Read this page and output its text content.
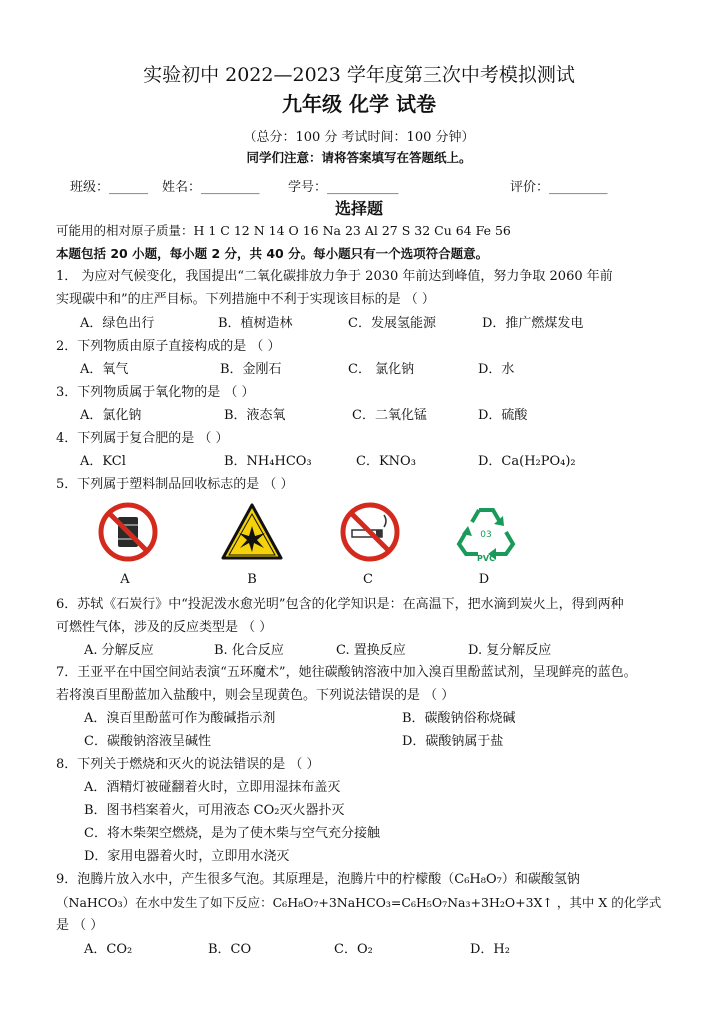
实验初中 2022—2023 学年度第三次中考模拟测试
九年级 化学 试卷
（总分：100 分 考试时间：100 分钟）
同学们注意：请将答案填写在答题纸上。
班级：______ 姓名：_________ 学号：___________	评价：_________
选择题
可能用的相对原子质量：H 1 C 12 N 14 O 16 Na 23 Al 27 S 32 Cu 64 Fe 56
本题包括 20 小题，每小题 2 分，共 40 分。每小题只有一个选项符合题意。
1． 为应对气候变化，我国提出“二氧化碳排放力争于 2030 年前达到峰值，努力争取 2060 年前
实现碳中和”的庄严目标。下列措施中不利于实现该目标的是 （ ）
A．绿色出行	B．植树造林	C．发展氢能源	D．推广燃煤发电
2．下列物质由原子直接构成的是 （ ）
A．氧气	B．金刚石	C． 氯化钠	D．水
3．下列物质属于氧化物的是 （ ）
A．氯化钠	B．液态氧	C．二氧化锰	D．硫酸
4．下列属于复合肥的是 （ ）
A．KCl	B．NH₄HCO₃	C．KNO₃	D．Ca(H₂PO₄)₂
5．下列属于塑料制品回收标志的是 （ ）
03
PVC
A	B	C	D
6．苏轼《石炭行》中“投泥泼水愈光明”包含的化学知识是：在高温下，把水滴到炭火上，得到两种
可燃性气体，涉及的反应类型是 （ ）
A. 分解反应	B. 化合反应	C. 置换反应	D. 复分解反应
7．王亚平在中国空间站表演“五环魔术”，她往碳酸钠溶液中加入溴百里酚蓝试剂，呈现鲜亮的蓝色。
若将溴百里酚蓝加入盐酸中，则会呈现黄色。下列说法错误的是 （ ）
A．溴百里酚蓝可作为酸碱指示剂	B．碳酸钠俗称烧碱
C．碳酸钠溶液呈碱性	D．碳酸钠属于盐
8．下列关于燃烧和灭火的说法错误的是 （ ）
A．酒精灯被碰翻着火时，立即用湿抹布盖灭
B．图书档案着火，可用液态 CO₂灭火器扑灭
C．将木柴架空燃烧，是为了使木柴与空气充分接触
D．家用电器着火时，立即用水浇灭
9．泡腾片放入水中，产生很多气泡。其原理是，泡腾片中的柠檬酸（C₆H₈O₇）和碳酸氢钠
（NaHCO₃）在水中发生了如下反应：C₆H₈O₇+3NaHCO₃=C₆H₅O₇Na₃+3H₂O+3X↑ ，其中 X 的化学式
是 （ ）
A．CO₂	B．CO	C．O₂	D．H₂
